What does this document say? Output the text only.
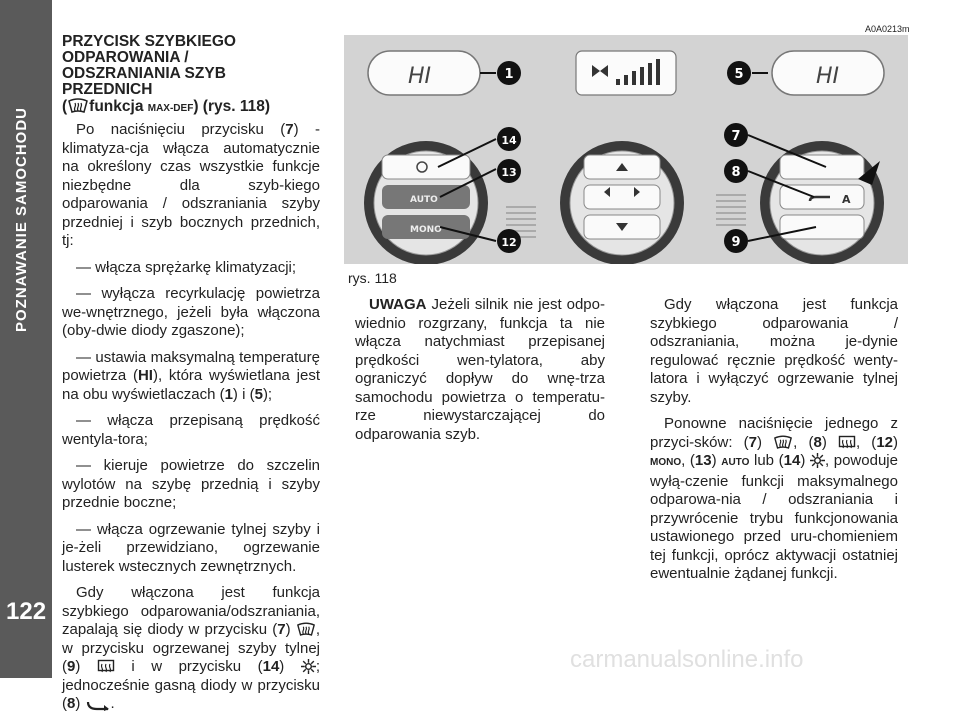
POZNAWANIE SAMOCHODU
122
PRZYCISK SZYBKIEGO
ODPAROWANIA /
ODSZRANIANIA SZYB
PRZEDNICH
( funkcja MAX-DEF) (rys. 118)

Po naciśnięciu przycisku (7) - klimatyza-cja włącza automatycznie na określony czas wszystkie funkcje niezbędne dla szyb-kiego odparowania / odszraniania szyby przedniej i szyb bocznych przednich, tj:

— włącza sprężarkę klimatyzacji;

— wyłącza recyrkulację powietrza we-wnętrznego, jeżeli była włączona (oby-dwie diody zgaszone);

— ustawia maksymalną temperaturę powietrza (HI), która wyświetlana jest na obu wyświetlaczach (1) i (5);

— włącza przepisaną prędkość wentyla-tora;

— kieruje powietrze do szczelin wylotów na szybę przednią i szyby przednie boczne;

— włącza ogrzewanie tylnej szyby i je-żeli przewidziano, ogrzewanie lusterek wstecznych zewnętrznych.

Gdy włączona jest funkcja szybkiego odparowania/odszraniania, zapalają się diody w przycisku (7) , w przycisku ogrzewanej szyby tylnej (9)  i w przycisku (14) ; jednocześnie gasną diody w przycisku (8) .

A0A0213m
HI	HI
AUTO
MONO
A
1	5
14
13
12
7
8
9
rys. 118

UWAGA Jeżeli silnik nie jest odpo-wiednio rozgrzany, funkcja ta nie włącza natychmiast przepisanej prędkości wen-tylatora, aby ograniczyć dopływ do wnę-trza samochodu powietrza o temperatu-rze niewystarczającej do odparowania szyb.

Gdy włączona jest funkcja szybkiego odparowania / odszraniania, można je-dynie regulować ręcznie prędkość wenty-latora i wyłączyć ogrzewanie tylnej szyby.

Ponowne naciśnięcie jednego z przyci-sków: (7) , (8) , (12) MONO, (13) AUTO lub (14) , powoduje wyłą-czenie funkcji maksymalnego odparowa-nia / odszraniania i przywrócenie trybu funkcjonowania ustawionego przed uru-chomieniem tej funkcji, oprócz aktywacji ostatniej ewentualnie żądanej funkcji.

carmanualsonline.info
